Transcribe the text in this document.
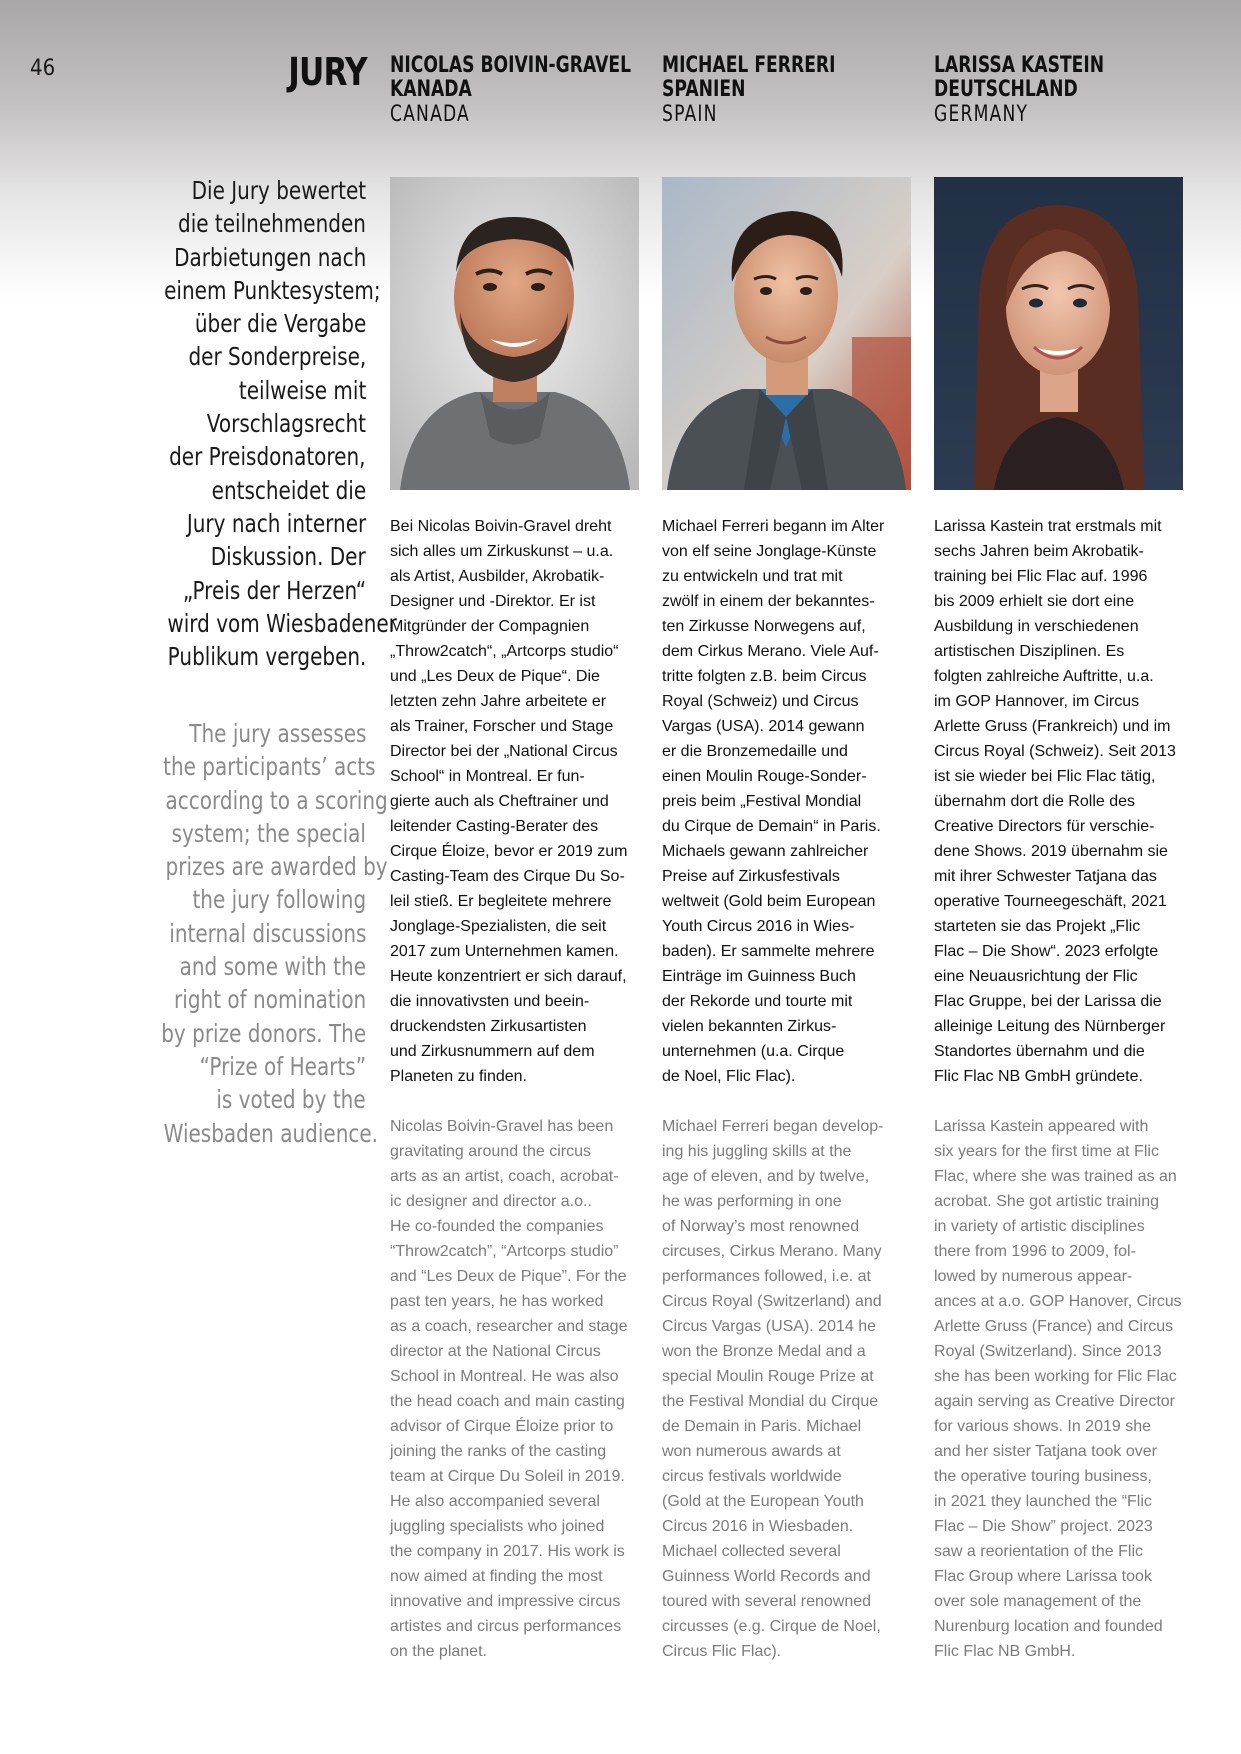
46	JURY
Die Jury bewertet
die teilnehmenden
Darbietungen nach
einem Punktesystem;
über die Vergabe
der Sonderpreise,
teilweise mit
Vorschlagsrecht
der Preisdonatoren,
entscheidet die
Jury nach interner
Diskussion. Der
„Preis der Herzen“
wird vom Wiesbadener
Publikum vergeben.
The jury assesses
the participants’ acts
according to a scoring
system; the special
prizes are awarded by
the jury following
internal discussions
and some with the
right of nomination
by prize donors. The
“Prize of Hearts”
is voted by the
Wiesbaden audience.
NICOLAS BOIVIN-GRAVEL
KANADA
CANADA
Bei Nicolas Boivin-Gravel dreht
sich alles um Zirkuskunst – u.a.
als Artist, Ausbilder, Akrobatik-
Designer und -Direktor. Er ist
Mitgründer der Compagnien
„Throw2catch“, „Artcorps studio“
und „Les Deux de Pique“. Die
letzten zehn Jahre arbeitete er
als Trainer, Forscher und Stage
Director bei der „National Circus
School“ in Montreal. Er fun-
gierte auch als Cheftrainer und
leitender Casting-Berater des
Cirque Éloize, bevor er 2019 zum
Casting-Team des Cirque Du So-
leil stieß. Er begleitete mehrere
Jonglage-Spezialisten, die seit
2017 zum Unternehmen kamen.
Heute konzentriert er sich darauf,
die innovativsten und beein-
druckendsten Zirkusartisten
und Zirkusnummern auf dem
Planeten zu finden.
Nicolas Boivin-Gravel has been
gravitating around the circus
arts as an artist, coach, acrobat-
ic designer and director a.o..
He co-founded the companies
“Throw2catch”, “Artcorps studio”
and “Les Deux de Pique”. For the
past ten years, he has worked
as a coach, researcher and stage
director at the National Circus
School in Montreal. He was also
the head coach and main casting
advisor of Cirque Éloize prior to
joining the ranks of the casting
team at Cirque Du Soleil in 2019.
He also accompanied several
juggling specialists who joined
the company in 2017. His work is
now aimed at finding the most
innovative and impressive circus
artistes and circus performances
on the planet.
MICHAEL FERRERI
SPANIEN
SPAIN
Michael Ferreri begann im Alter
von elf seine Jonglage-Künste
zu entwickeln und trat mit
zwölf in einem der bekanntes-
ten Zirkusse Norwegens auf,
dem Cirkus Merano. Viele Auf-
tritte folgten z.B. beim Circus
Royal (Schweiz) und Circus
Vargas (USA). 2014 gewann
er die Bronzemedaille und
einen Moulin Rouge-Sonder-
preis beim „Festival Mondial
du Cirque de Demain“ in Paris.
Michaels gewann zahlreicher
Preise auf Zirkusfestivals
weltweit (Gold beim European
Youth Circus 2016 in Wies-
baden). Er sammelte mehrere
Einträge im Guinness Buch
der Rekorde und tourte mit
vielen bekannten Zirkus-
unternehmen (u.a. Cirque
de Noel, Flic Flac).
Michael Ferreri began develop-
ing his juggling skills at the
age of eleven, and by twelve,
he was performing in one
of Norway’s most renowned
circuses, Cirkus Merano. Many
performances followed, i.e. at
Circus Royal (Switzerland) and
Circus Vargas (USA). 2014 he
won the Bronze Medal and a
special Moulin Rouge Prize at
the Festival Mondial du Cirque
de Demain in Paris. Michael
won numerous awards at
circus festivals worldwide
(Gold at the European Youth
Circus 2016 in Wiesbaden.
Michael collected several
Guinness World Records and
toured with several renowned
circusses (e.g. Cirque de Noel,
Circus Flic Flac).
LARISSA KASTEIN
DEUTSCHLAND
GERMANY
Larissa Kastein trat erstmals mit
sechs Jahren beim Akrobatik-
training bei Flic Flac auf. 1996
bis 2009 erhielt sie dort eine
Ausbildung in verschiedenen
artistischen Disziplinen. Es
folgten zahlreiche Auftritte, u.a.
im GOP Hannover, im Circus
Arlette Gruss (Frankreich) und im
Circus Royal (Schweiz). Seit 2013
ist sie wieder bei Flic Flac tätig,
übernahm dort die Rolle des
Creative Directors für verschie-
dene Shows. 2019 übernahm sie
mit ihrer Schwester Tatjana das
operative Tourneegeschäft, 2021
starteten sie das Projekt „Flic
Flac – Die Show“. 2023 erfolgte
eine Neuausrichtung der Flic
Flac Gruppe, bei der Larissa die
alleinige Leitung des Nürnberger
Standortes übernahm und die
Flic Flac NB GmbH gründete.
Larissa Kastein appeared with
six years for the first time at Flic
Flac, where she was trained as an
acrobat. She got artistic training
in variety of artistic disciplines
there from 1996 to 2009, fol-
lowed by numerous appear-
ances at a.o. GOP Hanover, Circus
Arlette Gruss (France) and Circus
Royal (Switzerland). Since 2013
she has been working for Flic Flac
again serving as Creative Director
for various shows. In 2019 she
and her sister Tatjana took over
the operative touring business,
in 2021 they launched the “Flic
Flac – Die Show” project. 2023
saw a reorientation of the Flic
Flac Group where Larissa took
over sole management of the
Nurenburg location and founded
Flic Flac NB GmbH.
